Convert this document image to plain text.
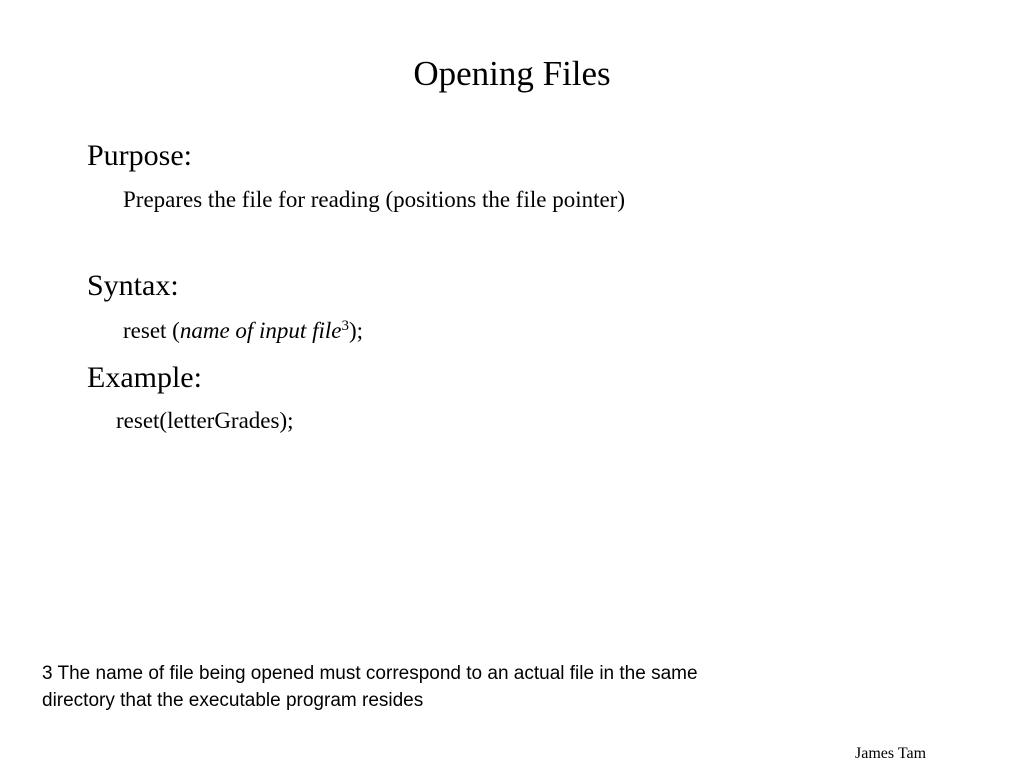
Opening Files
Purpose:
Prepares the file for reading (positions the file pointer)
Syntax:
reset (name of input file$^3$);
Example:
reset(letterGrades);
3 The name of file being opened must correspond to an actual file in the same
directory that the executable program resides
James Tam
